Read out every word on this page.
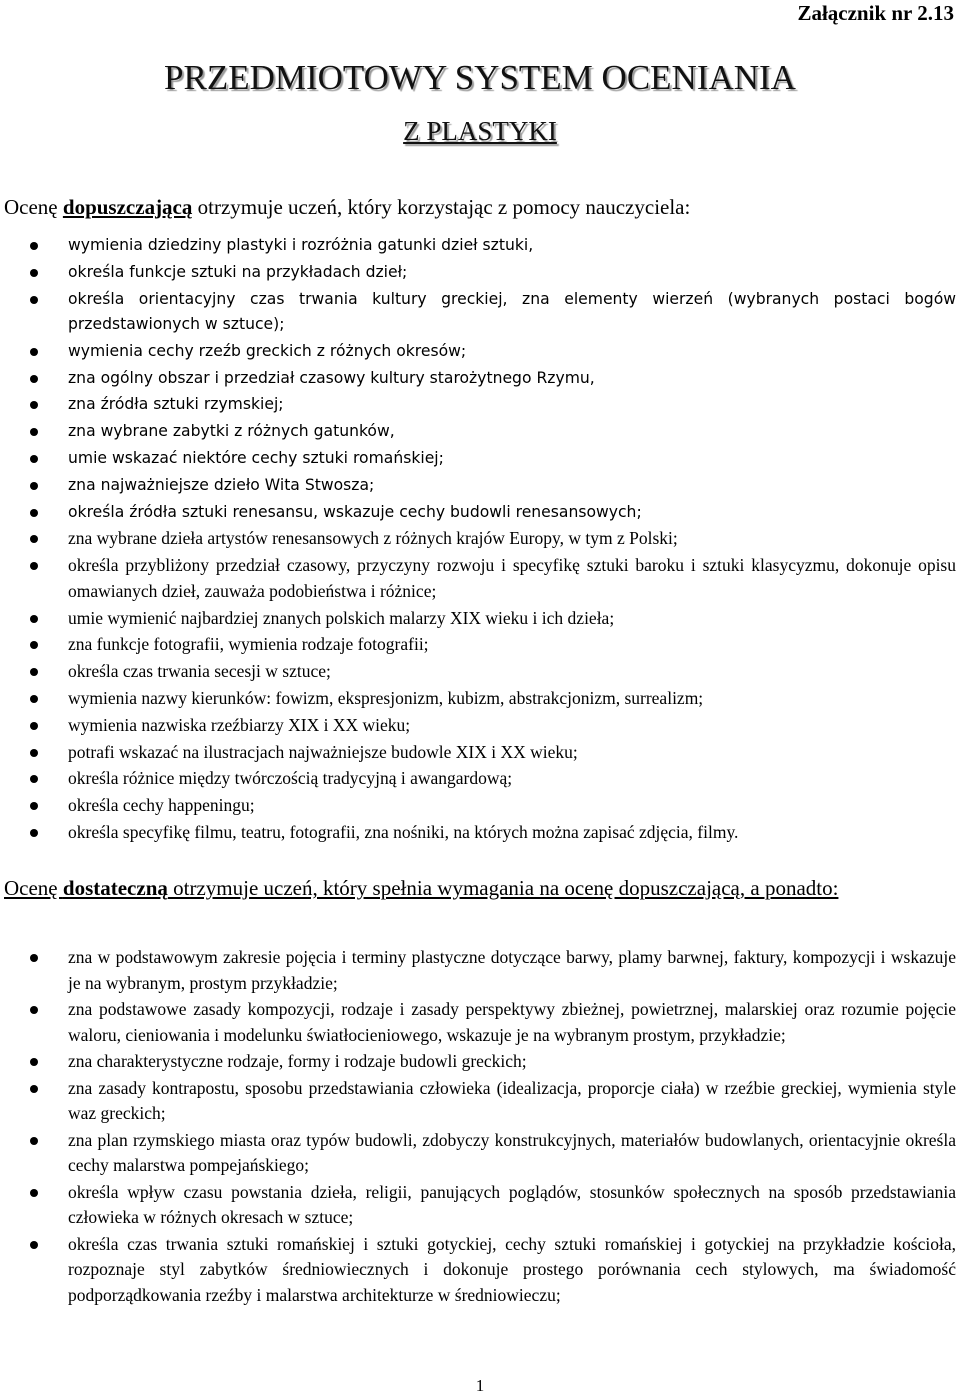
Załącznik nr 2.13
PRZEDMIOTOWY SYSTEM OCENIANIA
Z PLASTYKI
Ocenę dopuszczającą otrzymuje uczeń, który korzystając z pomocy nauczyciela:
wymienia dziedziny plastyki i rozróżnia gatunki dzieł sztuki,
określa funkcje sztuki na przykładach dzieł;
określa orientacyjny czas trwania kultury greckiej, zna elementy wierzeń (wybranych postaci bogów przedstawionych w sztuce);
wymienia cechy rzeźb greckich z różnych okresów;
zna ogólny obszar i przedział czasowy kultury starożytnego Rzymu,
zna źródła sztuki rzymskiej;
zna wybrane zabytki z różnych gatunków,
umie wskazać niektóre cechy sztuki romańskiej;
zna najważniejsze dzieło Wita Stwosza;
określa źródła sztuki renesansu, wskazuje cechy budowli renesansowych;
zna wybrane dzieła artystów renesansowych z różnych krajów Europy, w tym z Polski;
określa przybliżony przedział czasowy, przyczyny rozwoju i specyfikę sztuki baroku i sztuki klasycyzmu, dokonuje opisu omawianych dzieł, zauważa podobieństwa i różnice;
umie wymienić najbardziej znanych polskich malarzy XIX wieku i ich dzieła;
zna funkcje fotografii, wymienia rodzaje fotografii;
określa czas trwania secesji w sztuce;
wymienia nazwy kierunków: fowizm, ekspresjonizm, kubizm, abstrakcjonizm, surrealizm;
wymienia nazwiska rzeźbiarzy XIX i XX wieku;
potrafi wskazać na ilustracjach najważniejsze budowle XIX i XX wieku;
określa różnice między twórczością tradycyjną i awangardową;
określa cechy happeningu;
określa specyfikę filmu, teatru, fotografii, zna nośniki, na których można zapisać zdjęcia, filmy.
Ocenę dostateczną otrzymuje uczeń, który spełnia wymagania na ocenę dopuszczającą, a ponadto:
zna w podstawowym zakresie pojęcia i terminy plastyczne dotyczące barwy, plamy barwnej, faktury, kompozycji i wskazuje je na wybranym, prostym przykładzie;
zna podstawowe zasady kompozycji, rodzaje i zasady perspektywy zbieżnej, powietrznej, malarskiej oraz rozumie pojęcie waloru, cieniowania i modelunku światłocieniowego, wskazuje je na wybranym prostym, przykładzie;
zna charakterystyczne rodzaje, formy i rodzaje budowli greckich;
zna zasady kontrapostu, sposobu przedstawiania człowieka (idealizacja, proporcje ciała) w rzeźbie greckiej, wymienia style waz greckich;
zna plan rzymskiego miasta oraz typów budowli, zdobyczy konstrukcyjnych, materiałów budowlanych, orientacyjnie określa cechy malarstwa pompejańskiego;
określa wpływ czasu powstania dzieła, religii, panujących poglądów, stosunków społecznych na sposób przedstawiania człowieka w różnych okresach w sztuce;
określa czas trwania sztuki romańskiej i sztuki gotyckiej, cechy sztuki romańskiej i gotyckiej na przykładzie kościoła, rozpoznaje styl zabytków średniowiecznych i dokonuje prostego porównania cech stylowych, ma świadomość podporządkowania rzeźby i malarstwa architekturze w średniowieczu;
1
